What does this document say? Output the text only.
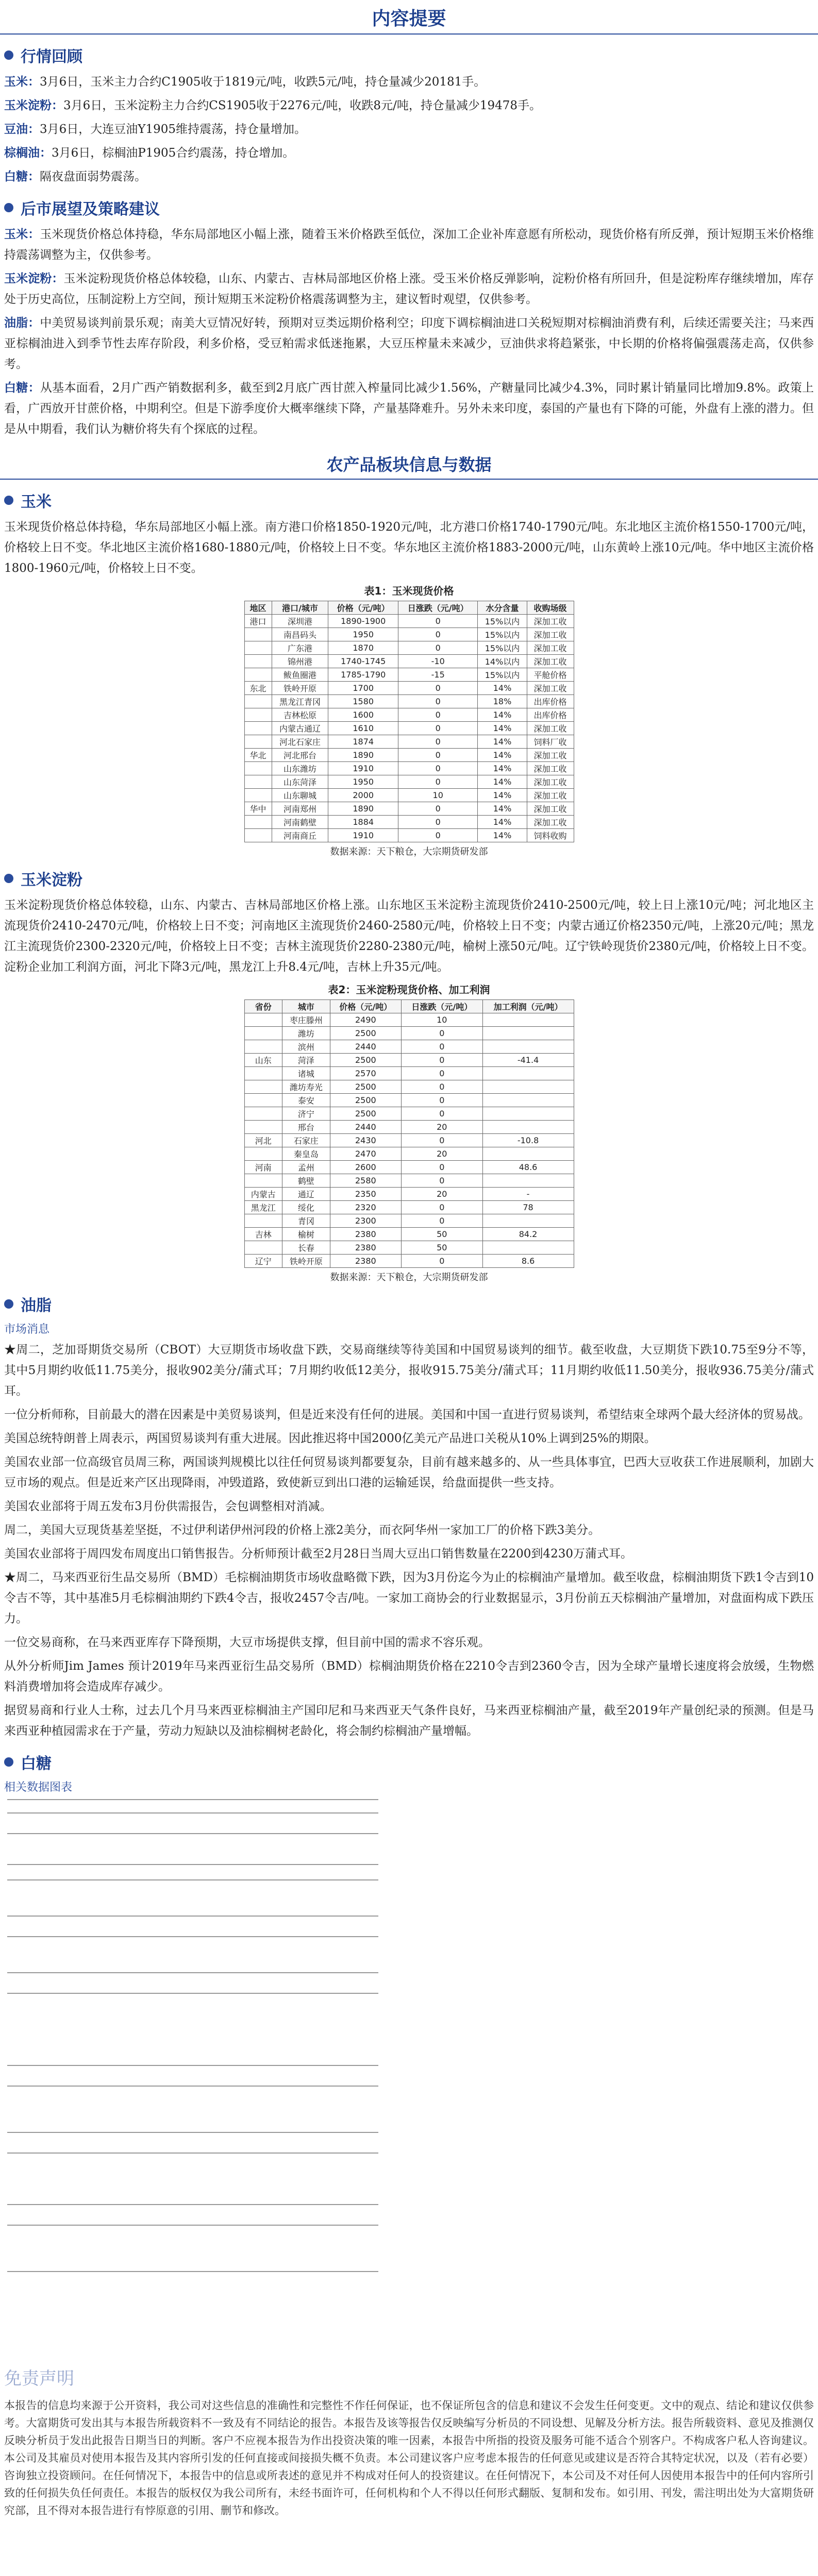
内容提要
行情回顾

玉米：3月6日，玉米主力合约C1905收于1819元/吨，收跌5元/吨，持仓量减少20181手。

玉米淀粉：3月6日，玉米淀粉主力合约CS1905收于2276元/吨，收跌8元/吨，持仓量减少19478手。

豆油：3月6日，大连豆油Y1905维持震荡，持仓量增加。

棕榈油：3月6日，棕榈油P1905合约震荡，持仓增加。

白糖：隔夜盘面弱势震荡。

后市展望及策略建议

玉米：玉米现货价格总体持稳，华东局部地区小幅上涨，随着玉米价格跌至低位，深加工企业补库意愿有所松动，现货价格有所反弹，预计短期玉米价格维持震荡调整为主，仅供参考。

玉米淀粉：玉米淀粉现货价格总体较稳，山东、内蒙古、吉林局部地区价格上涨。受玉米价格反弹影响，淀粉价格有所回升，但是淀粉库存继续增加，库存处于历史高位，压制淀粉上方空间，预计短期玉米淀粉价格震荡调整为主，建议暂时观望，仅供参考。

油脂：中美贸易谈判前景乐观；南美大豆情况好转，预期对豆类远期价格利空；印度下调棕榈油进口关税短期对棕榈油消费有利，后续还需要关注；马来西亚棕榈油进入到季节性去库存阶段，利多价格，受豆粕需求低迷拖累，大豆压榨量未来减少，豆油供求将趋紧张，中长期的价格将偏强震荡走高，仅供参考。

白糖：从基本面看，2月广西产销数据利多，截至到2月底广西甘蔗入榨量同比减少1.56%，产糖量同比减少4.3%，同时累计销量同比增加9.8%。政策上看，广西放开甘蔗价格，中期利空。但是下游季度价大概率继续下降，产量基降难升。另外未来印度，泰国的产量也有下降的可能，外盘有上涨的潜力。但是从中期看，我们认为糖价将失有个探底的过程。

农产品板块信息与数据
玉米

玉米现货价格总体持稳，华东局部地区小幅上涨。南方港口价格1850-1920元/吨，北方港口价格1740-1790元/吨。东北地区主流价格1550-1700元/吨，价格较上日不变。华北地区主流价格1680-1880元/吨，价格较上日不变。华东地区主流价格1883-2000元/吨，山东黄岭上涨10元/吨。华中地区主流价格1800-1960元/吨，价格较上日不变。

表1：玉米现货价格
地区	港口/城市	价格（元/吨）	日涨跌（元/吨）	水分含量	收购场级
港口	深圳港	1890-1900	0	15%以内	深加工收
	南昌码头	1950	0	15%以内	深加工收
	广东港	1870	0	15%以内	深加工收
	锦州港	1740-1745	-10	14%以内	深加工收
	鲅鱼圈港	1785-1790	-15	15%以内	平舱价格
东北	铁岭开原	1700	0	14%	深加工收
	黑龙江青冈	1580	0	18%	出库价格
	吉林松原	1600	0	14%	出库价格
	内蒙古通辽	1610	0	14%	深加工收
	河北石家庄	1874	0	14%	饲料厂收
华北	河北邢台	1890	0	14%	深加工收
	山东潍坊	1910	0	14%	深加工收
	山东菏泽	1950	0	14%	深加工收
	山东聊城	2000	10	14%	深加工收
华中	河南郑州	1890	0	14%	深加工收
	河南鹤壁	1884	0	14%	深加工收
	河南商丘	1910	0	14%	饲料收购
数据来源：天下粮仓，大宗期货研发部
玉米淀粉

玉米淀粉现货价格总体较稳，山东、内蒙古、吉林局部地区价格上涨。山东地区玉米淀粉主流现货价2410-2500元/吨，较上日上涨10元/吨；河北地区主流现货价2410-2470元/吨，价格较上日不变；河南地区主流现货价2460-2580元/吨，价格较上日不变；内蒙古通辽价格2350元/吨，上涨20元/吨；黑龙江主流现货价2300-2320元/吨，价格较上日不变；吉林主流现货价2280-2380元/吨，榆树上涨50元/吨。辽宁铁岭现货价2380元/吨，价格较上日不变。淀粉企业加工利润方面，河北下降3元/吨，黑龙江上升8.4元/吨，吉林上升35元/吨。

表2：玉米淀粉现货价格、加工利润
省份	城市	价格（元/吨）	日涨跌（元/吨）	加工利润（元/吨）
	枣庄滕州	2490	10	
	潍坊	2500	0	
	滨州	2440	0	
山东	菏泽	2500	0	-41.4
	诸城	2570	0	
	潍坊寿光	2500	0	
	泰安	2500	0	
	济宁	2500	0	
	邢台	2440	20	
河北	石家庄	2430	0	-10.8
	秦皇岛	2470	20	
河南	孟州	2600	0	48.6
	鹤壁	2580	0	
内蒙古	通辽	2350	20	-
黑龙江	绥化	2320	0	78
	青冈	2300	0	
吉林	榆树	2380	50	84.2
	长春	2380	50	
辽宁	铁岭开原	2380	0	8.6
数据来源：天下粮仓，大宗期货研发部
油脂
市场消息

★周二，芝加哥期货交易所（CBOT）大豆期货市场收盘下跌，交易商继续等待美国和中国贸易谈判的细节。截至收盘，大豆期货下跌10.75至9分不等，其中5月期约收低11.75美分，报收902美分/蒲式耳；7月期约收低12美分，报收915.75美分/蒲式耳；11月期约收低11.50美分，报收936.75美分/蒲式耳。

一位分析师称，目前最大的潜在因素是中美贸易谈判，但是近来没有任何的进展。美国和中国一直进行贸易谈判，希望结束全球两个最大经济体的贸易战。

美国总统特朗普上周表示，两国贸易谈判有重大进展。因此推迟将中国2000亿美元产品进口关税从10%上调到25%的期限。

美国农业部一位高级官员周三称，两国谈判规模比以往任何贸易谈判都要复杂，目前有越来越多的、从一些具体事宜，巴西大豆收获工作进展顺利，加剧大豆市场的观点。但是近来产区出现降雨，冲毁道路，致使新豆到出口港的运输延误，给盘面提供一些支持。

美国农业部将于周五发布3月份供需报告，会包调整相对消减。

周二，美国大豆现货基差坚挺，不过伊利诺伊州河段的价格上涨2美分，而衣阿华州一家加工厂的价格下跌3美分。

美国农业部将于周四发布周度出口销售报告。分析师预计截至2月28日当周大豆出口销售数量在2200到4230万蒲式耳。

★周二，马来西亚衍生品交易所（BMD）毛棕榈油期货市场收盘略微下跌，因为3月份迄今为止的棕榈油产量增加。截至收盘，棕榈油期货下跌1令吉到10令吉不等，其中基准5月毛棕榈油期约下跌4令吉，报收2457令吉/吨。一家加工商协会的行业数据显示，3月份前五天棕榈油产量增加，对盘面构成下跌压力。

一位交易商称，在马来西亚库存下降预期，大豆市场提供支撑，但目前中国的需求不容乐观。

从外分析师Jim James 预计2019年马来西亚衍生品交易所（BMD）棕榈油期货价格在2210令吉到2360令吉，因为全球产量增长速度将会放缓，生物燃料消费增加将会造成库存减少。

据贸易商和行业人士称，过去几个月马来西亚棕榈油主产国印尼和马来西亚天气条件良好，马来西亚棕榈油产量，截至2019年产量创纪录的预测。但是马来西亚种植园需求在于产量，劳动力短缺以及油棕榈树老龄化，将会制约棕榈油产量增幅。

白糖
相关数据图表
免责声明

本报告的信息均来源于公开资料，我公司对这些信息的准确性和完整性不作任何保证，也不保证所包含的信息和建议不会发生任何变更。文中的观点、结论和建议仅供参考。大富期货可发出其与本报告所载资料不一致及有不同结论的报告。本报告及该等报告仅反映编写分析员的不同设想、见解及分析方法。报告所载资料、意见及推测仅反映分析员于发出此报告日期当日的判断。客户不应视本报告为作出投资决策的唯一因素，本报告中所指的投资及服务可能不适合个别客户。不构成客户私人咨询建议。本公司及其雇员对使用本报告及其内容所引发的任何直接或间接损失概不负责。本公司建议客户应考虑本报告的任何意见或建议是否符合其特定状况，以及（若有必要）咨询独立投资顾问。在任何情况下，本报告中的信息或所表述的意见并不构成对任何人的投资建议。在任何情况下，本公司及不对任何人因使用本报告中的任何内容所引致的任何损失负任何责任。本报告的版权仅为我公司所有，未经书面许可，任何机构和个人不得以任何形式翻版、复制和发布。如引用、刊发，需注明出处为大富期货研究部，且不得对本报告进行有悖原意的引用、删节和修改。
